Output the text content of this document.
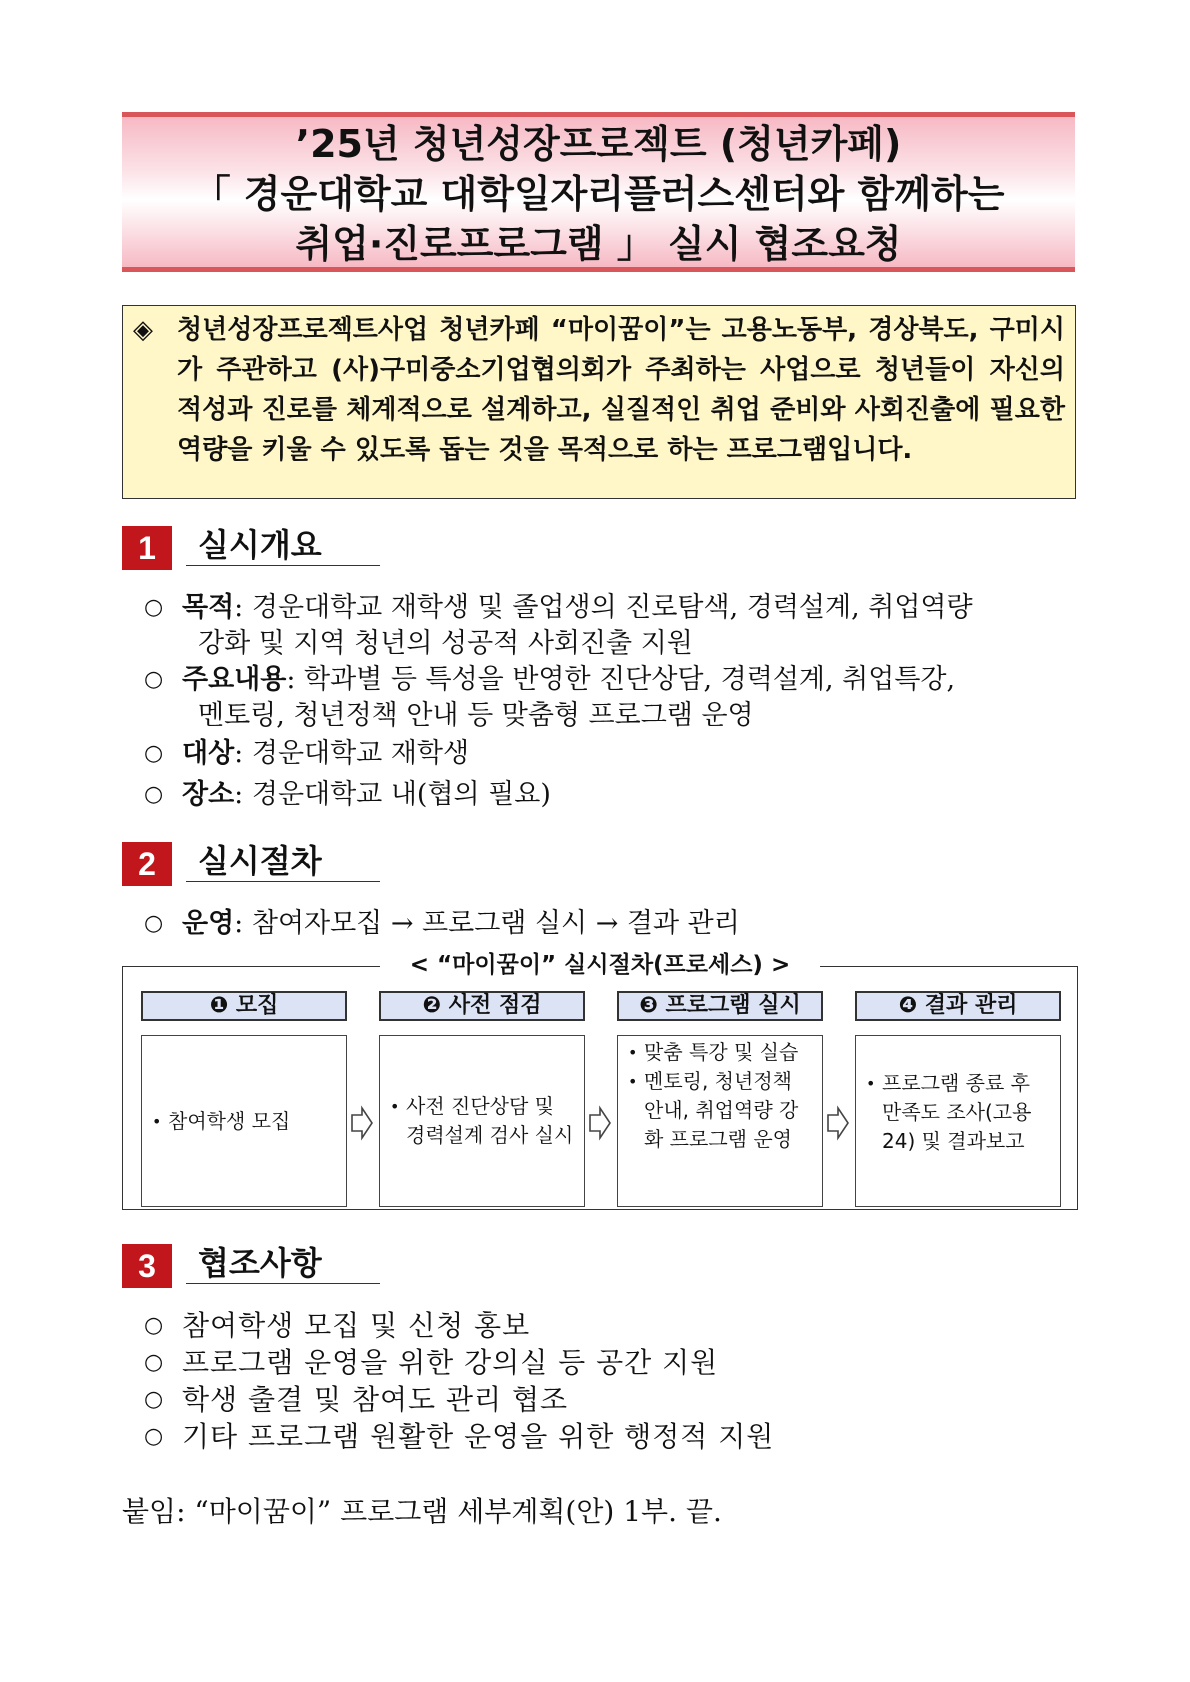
’25년 청년성장프로젝트 (청년카페)
「 경운대학교 대학일자리플러스센터와 함께하는
취업·진로프로그램 」 실시 협조요청
◈ 청년성장프로젝트사업 청년카페 “마이꿈이”는 고용노동부, 경상북도, 구미시가 주관하고 (사)구미중소기업협의회가 주최하는 사업으로 청년들이 자신의 적성과 진로를 체계적으로 설계하고, 실질적인 취업 준비와 사회진출에 필요한 역량을 키울 수 있도록 돕는 것을 목적으로 하는 프로그램입니다.
1	실시개요
○ 목적: 경운대학교 재학생 및 졸업생의 진로탐색, 경력설계, 취업역량
강화 및 지역 청년의 성공적 사회진출 지원
○ 주요내용: 학과별 등 특성을 반영한 진단상담, 경력설계, 취업특강,
멘토링, 청년정책 안내 등 맞춤형 프로그램 운영
○ 대상: 경운대학교 재학생
○ 장소: 경운대학교 내(협의 필요)
2	실시절차
○ 운영: 참여자모집 → 프로그램 실시 → 결과 관리
< “마이꿈이” 실시절차(프로세스) >
❶ 모집	❷ 사전 점검	❸ 프로그램 실시	❹ 결과 관리
• 참여학생 모집
• 사전 진단상담 및 경력설계 검사 실시
• 맞춤 특강 및 실습
• 멘토링, 청년정책 안내, 취업역량 강화 프로그램 운영
• 프로그램 종료 후 만족도 조사(고용24) 및 결과보고
3	협조사항
○ 참여학생 모집 및 신청 홍보
○ 프로그램 운영을 위한 강의실 등 공간 지원
○ 학생 출결 및 참여도 관리 협조
○ 기타 프로그램 원활한 운영을 위한 행정적 지원
붙임: “마이꿈이” 프로그램 세부계획(안) 1부. 끝.
